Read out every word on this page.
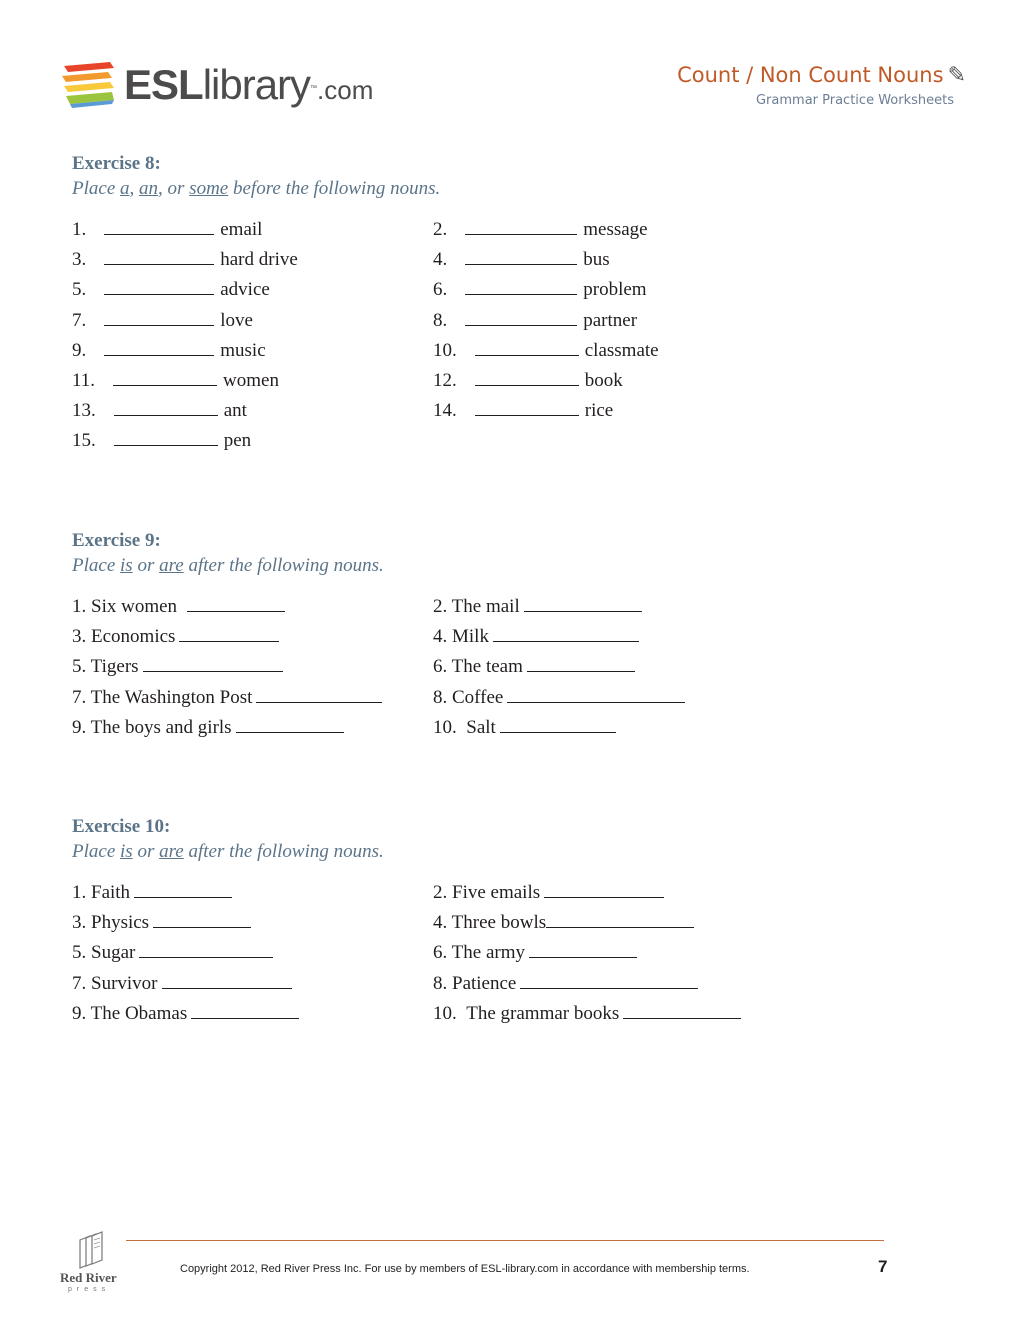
ESLlibrary™.com	Count / Non Count Nouns ✎
Grammar Practice Worksheets
Exercise 8:
Place a, an, or some before the following nouns.
1.	email	2.	message
3.	hard drive	4.	bus
5.	advice	6.	problem
7.	love	8.	partner
9.	music	10.	classmate
11.	women	12.	book
13.	ant	14.	rice
15.	pen
Exercise 9:
Place is or are after the following nouns.
1. Six women	2. The mail
3. Economics	4. Milk
5. Tigers	6. The team
7. The Washington Post	8. Coffee
9. The boys and girls	10. Salt
Exercise 10:
Place is or are after the following nouns.
1. Faith	2. Five emails
3. Physics	4. Three bowls
5. Sugar	6. The army
7. Survivor	8. Patience
9. The Obamas	10. The grammar books
Red River
press
Copyright 2012, Red River Press Inc. For use by members of ESL-library.com in accordance with membership terms.	7
